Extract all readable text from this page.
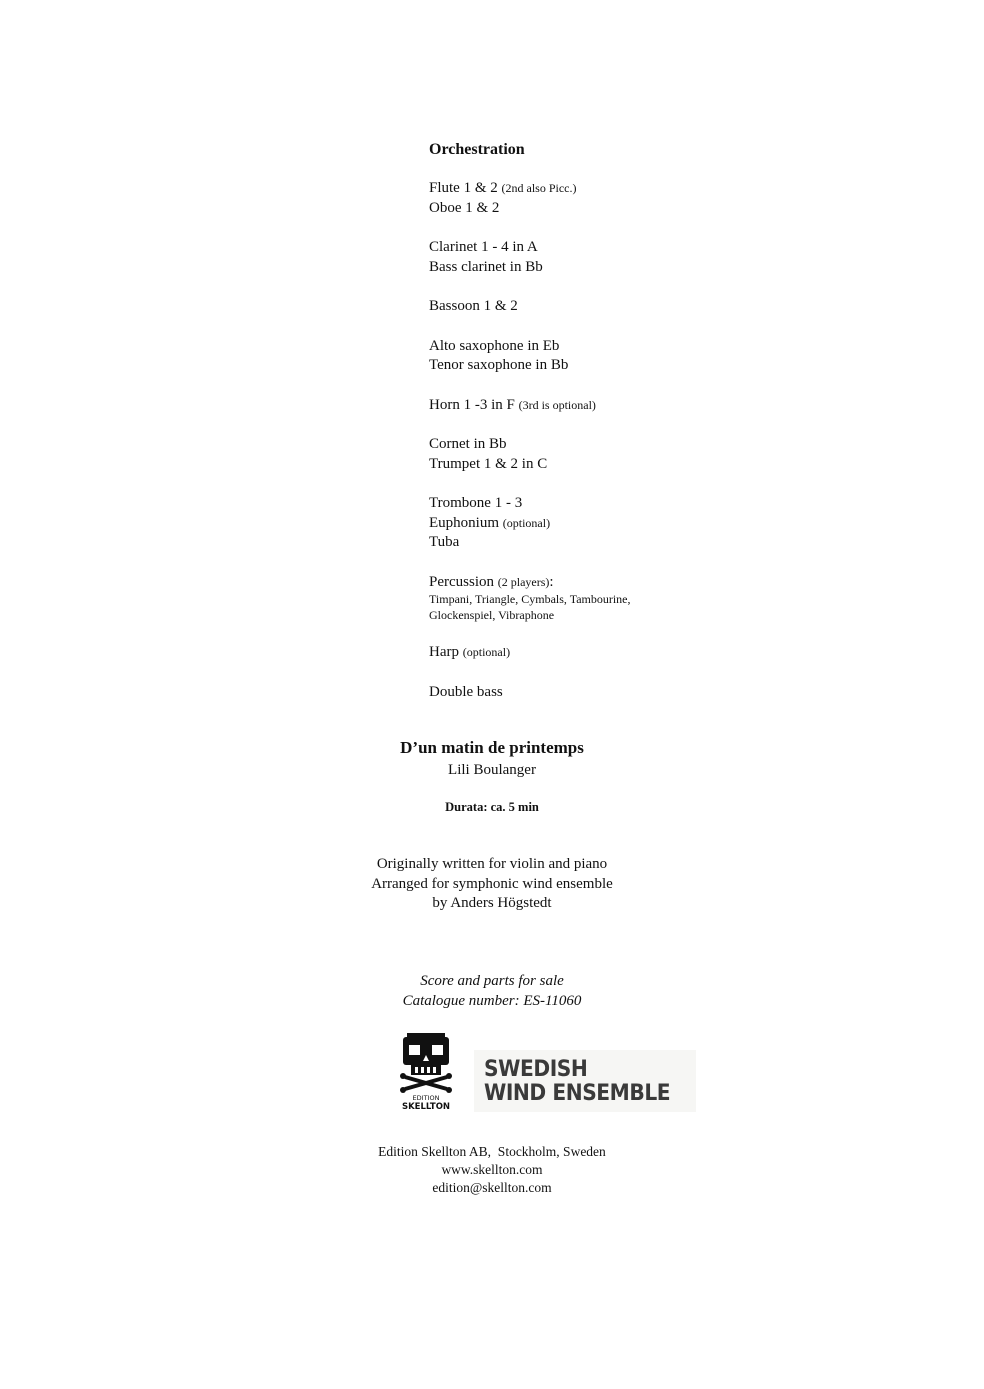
Orchestration
Flute 1 & 2 (2nd also Picc.)
Oboe 1 & 2
Clarinet 1 - 4 in A
Bass clarinet in Bb
Bassoon 1 & 2
Alto saxophone in Eb
Tenor saxophone in Bb
Horn 1 -3 in F (3rd is optional)
Cornet in Bb
Trumpet 1 & 2 in C
Trombone 1 - 3
Euphonium (optional)
Tuba
Percussion (2 players):
Timpani, Triangle, Cymbals, Tambourine,
Glockenspiel, Vibraphone
Harp (optional)
Double bass
D’un matin de printemps
Lili Boulanger
Durata: ca. 5 min
Originally written for violin and piano
Arranged for symphonic wind ensemble
by Anders Högstedt
Score and parts for sale
Catalogue number: ES-11060
EDITION
SKELLTON
SWEDISH
WIND ENSEMBLE
Edition Skellton AB,  Stockholm, Sweden
www.skellton.com
edition@skellton.com
